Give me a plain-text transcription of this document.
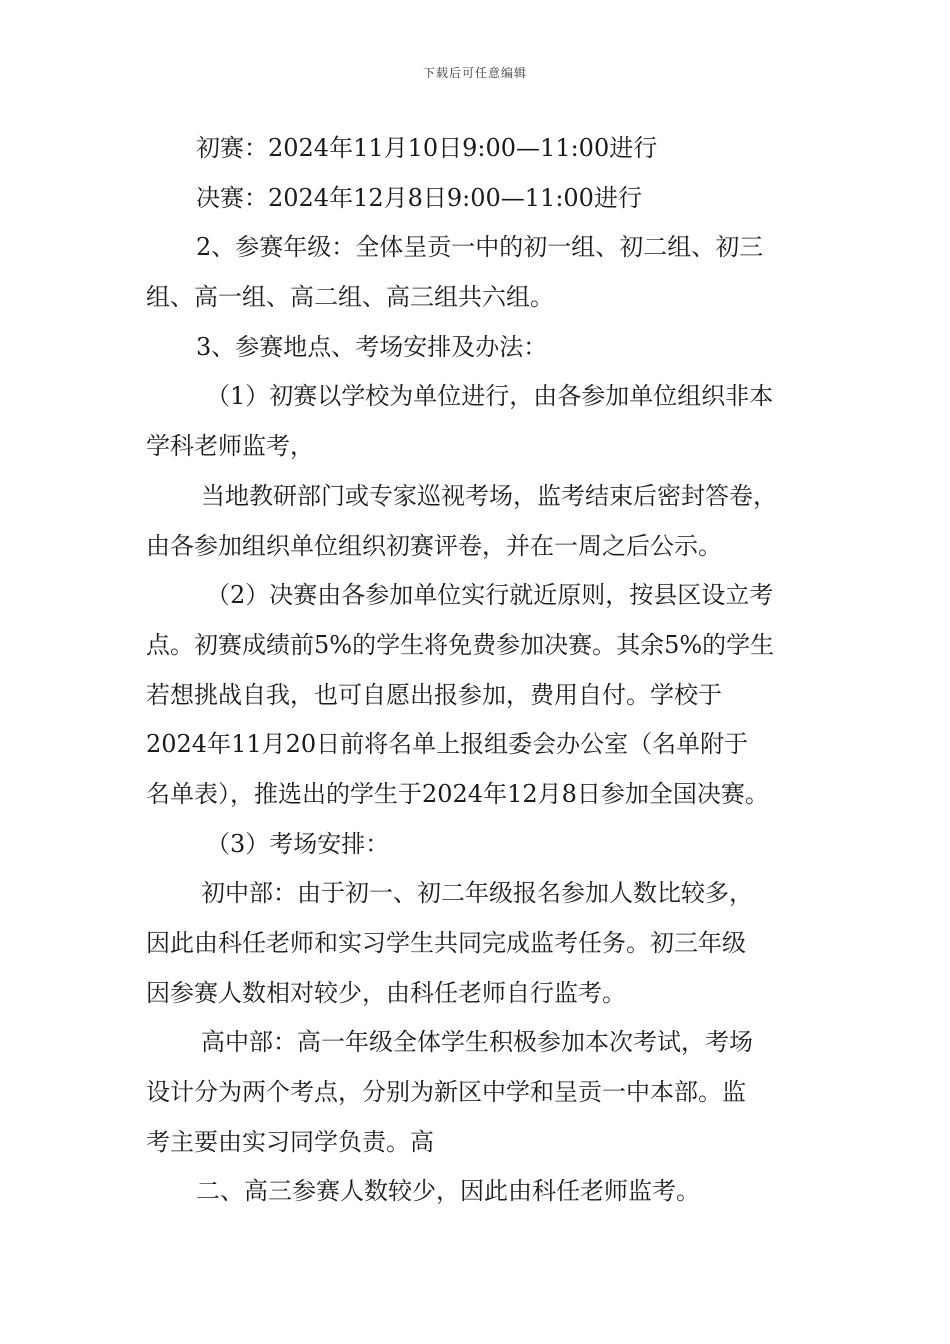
下载后可任意编辑
初赛：2024年11月10日9:00—11:00进行
决赛：2024年12月8日9:00—11:00进行
2、参赛年级：全体呈贡一中的初一组、初二组、初三
组、高一组、高二组、高三组共六组。
3、参赛地点、考场安排及办法：
（1）初赛以学校为单位进行，由各参加单位组织非本
学科老师监考，
当地教研部门或专家巡视考场，监考结束后密封答卷，
由各参加组织单位组织初赛评卷，并在一周之后公示。
（2）决赛由各参加单位实行就近原则，按县区设立考
点。初赛成绩前5%的学生将免费参加决赛。其余5%的学生
若想挑战自我，也可自愿出报参加，费用自付。学校于
2024年11月20日前将名单上报组委会办公室（名单附于
名单表），推选出的学生于2024年12月8日参加全国决赛。
（3）考场安排：
初中部：由于初一、初二年级报名参加人数比较多，
因此由科任老师和实习学生共同完成监考任务。初三年级
因参赛人数相对较少，由科任老师自行监考。
高中部：高一年级全体学生积极参加本次考试，考场
设计分为两个考点，分别为新区中学和呈贡一中本部。监
考主要由实习同学负责。高
二、高三参赛人数较少，因此由科任老师监考。
